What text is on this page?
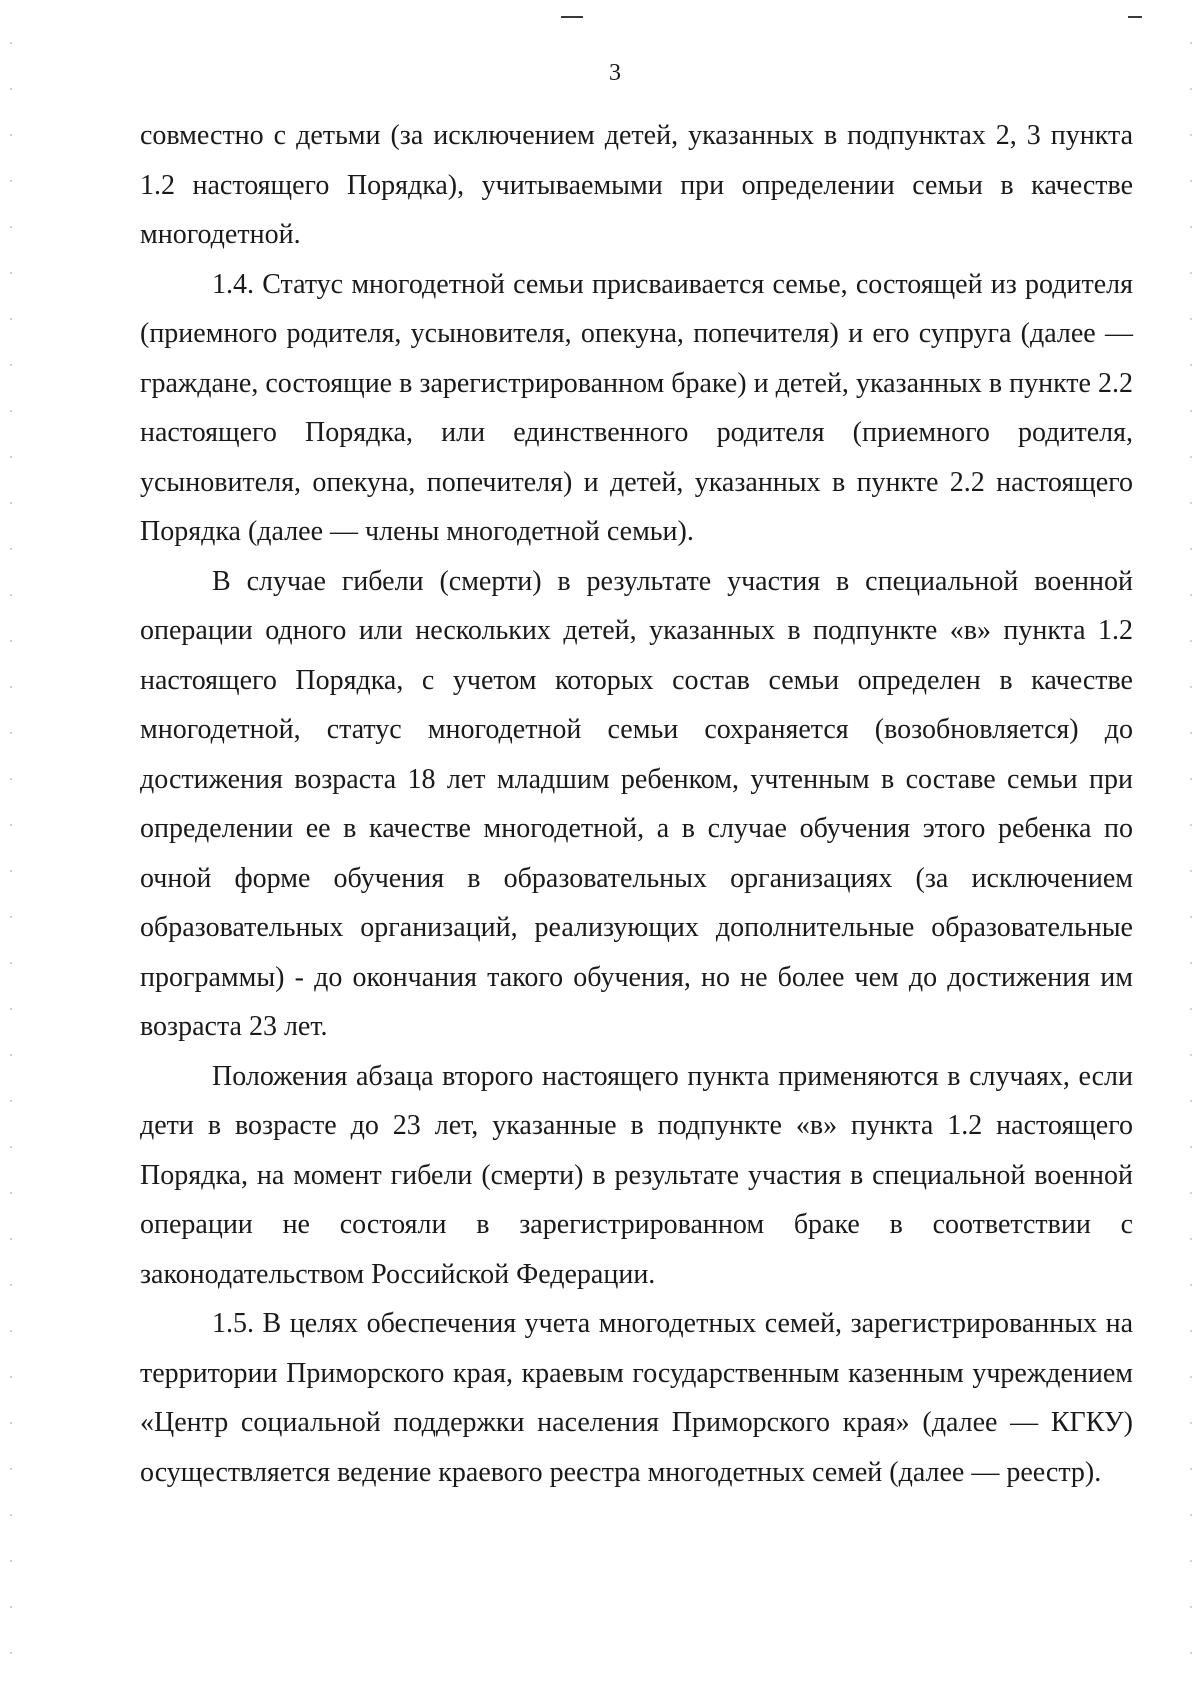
3

совместно с детьми (за исключением детей, указанных в подпунктах 2, 3 пункта 1.2 настоящего Порядка), учитываемыми при определении семьи в качестве многодетной.

1.4. Статус многодетной семьи присваивается семье, состоящей из родителя (приемного родителя, усыновителя, опекуна, попечителя) и его супруга (далее — граждане, состоящие в зарегистрированном браке) и детей, указанных в пункте 2.2 настоящего Порядка, или единственного родителя (приемного родителя, усыновителя, опекуна, попечителя) и детей, указанных в пункте 2.2 настоящего Порядка (далее — члены многодетной семьи).

В случае гибели (смерти) в результате участия в специальной военной операции одного или нескольких детей, указанных в подпункте «в» пункта 1.2 настоящего Порядка, с учетом которых состав семьи определен в качестве многодетной, статус многодетной семьи сохраняется (возобновляется) до достижения возраста 18 лет младшим ребенком, учтенным в составе семьи при определении ее в качестве многодетной, а в случае обучения этого ребенка по очной форме обучения в образовательных организациях (за исключением образовательных организаций, реализующих дополнительные образовательные программы) - до окончания такого обучения, но не более чем до достижения им возраста 23 лет.

Положения абзаца второго настоящего пункта применяются в случаях, если дети в возрасте до 23 лет, указанные в подпункте «в» пункта 1.2 настоящего Порядка, на момент гибели (смерти) в результате участия в специальной военной операции не состояли в зарегистрированном браке в соответствии с законодательством Российской Федерации.

1.5. В целях обеспечения учета многодетных семей, зарегистрированных на территории Приморского края, краевым государственным казенным учреждением «Центр социальной поддержки населения Приморского края» (далее — КГКУ) осуществляется ведение краевого реестра многодетных семей (далее — реестр).
